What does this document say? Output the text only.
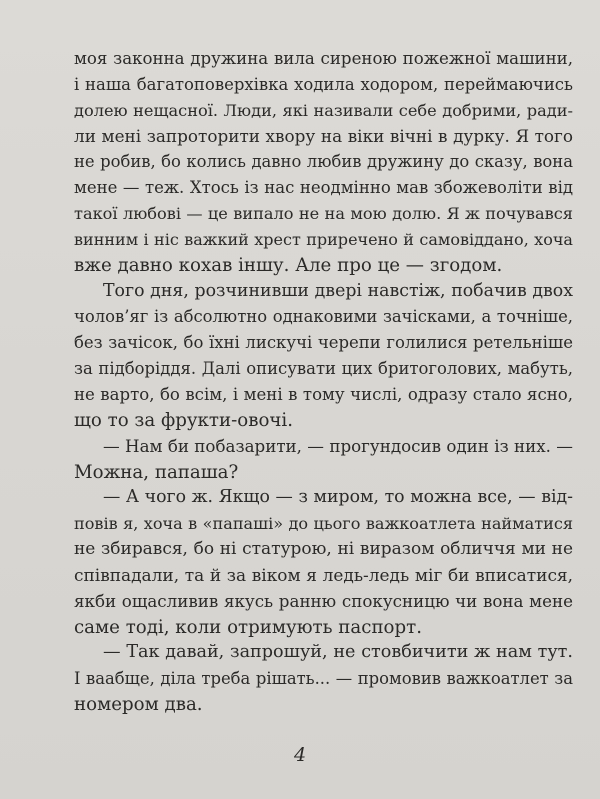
моя законна дружина вила сиреною пожежної машини,
і наша багатоповерхівка ходила ходором, переймаючись
долею нещасної. Люди, які називали себе добрими, ради-
ли мені запроторити хвору на віки вічні в дурку. Я того
не робив, бо колись давно любив дружину до сказу, вона
мене — теж. Хтось із нас неодмінно мав збожеволіти від
такої любові — це випало не на мою долю. Я ж почувався
винним і ніс важкий хрест приречено й самовіддано, хоча
вже давно кохав іншу. Але про це — згодом.
Того дня, розчинивши двері навстіж, побачив двох
чолов’яг із абсолютно однаковими зачісками, а точніше,
без зачісок, бо їхні лискучі черепи голилися ретельніше
за підборіддя. Далі описувати цих бритоголових, мабуть,
не варто, бо всім, і мені в тому числі, одразу стало ясно,
що то за фрукти-овочі.
— Нам би побазарити, — прогундосив один із них. —
Можна, папаша?
— А чого ж. Якщо — з миром, то можна все, — від-
повів я, хоча в «папаші» до цього важкоатлета найматися
не збирався, бо ні статурою, ні виразом обличчя ми не
співпадали, та й за віком я ледь-ледь міг би вписатися,
якби ощасливив якусь ранню спокусницю чи вона мене
саме тоді, коли отримують паспорт.
— Так давай, запрошуй, не стовбичити ж нам тут.
І ваабще, діла треба рішать... — промовив важкоатлет за
номером два.
4
